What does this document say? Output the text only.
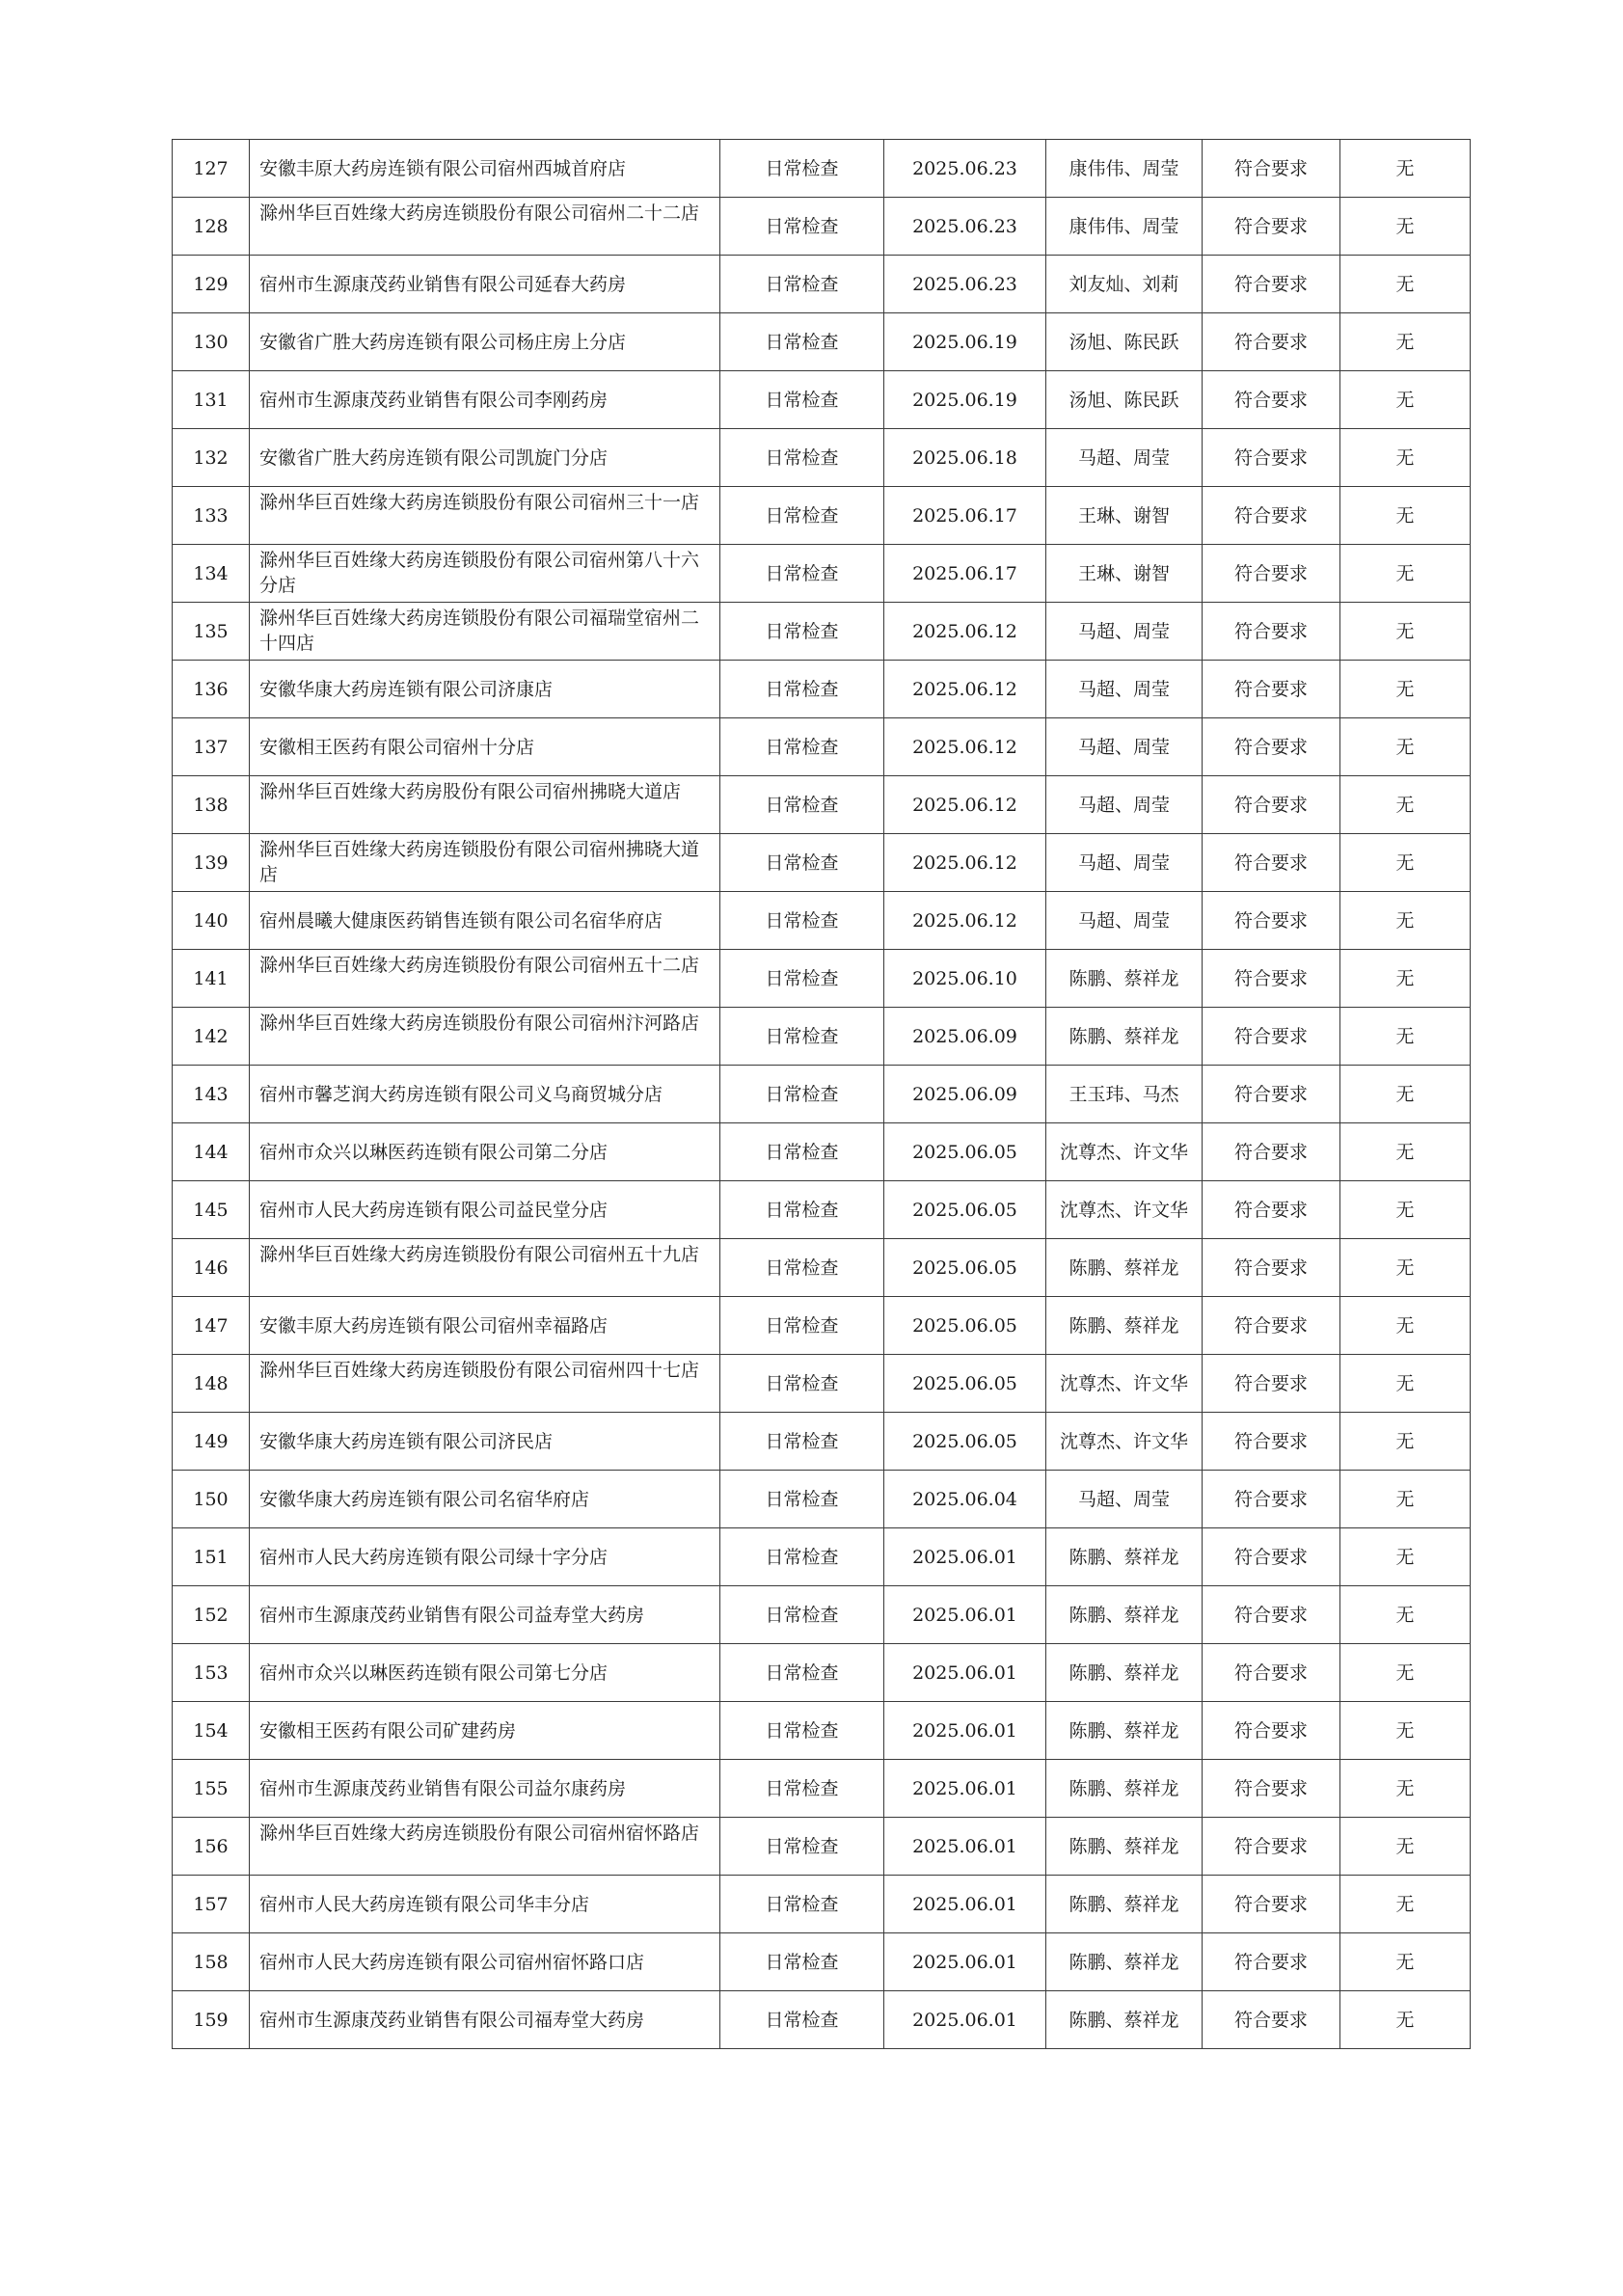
127	安徽丰原大药房连锁有限公司宿州西城首府店	日常检查	2025.06.23	康伟伟、周莹	符合要求	无
128	滁州华巨百姓缘大药房连锁股份有限公司宿州二十二店	日常检查	2025.06.23	康伟伟、周莹	符合要求	无
129	宿州市生源康茂药业销售有限公司延春大药房	日常检查	2025.06.23	刘友灿、刘莉	符合要求	无
130	安徽省广胜大药房连锁有限公司杨庄房上分店	日常检查	2025.06.19	汤旭、陈民跃	符合要求	无
131	宿州市生源康茂药业销售有限公司李刚药房	日常检查	2025.06.19	汤旭、陈民跃	符合要求	无
132	安徽省广胜大药房连锁有限公司凯旋门分店	日常检查	2025.06.18	马超、周莹	符合要求	无
133	滁州华巨百姓缘大药房连锁股份有限公司宿州三十一店	日常检查	2025.06.17	王琳、谢智	符合要求	无
134	滁州华巨百姓缘大药房连锁股份有限公司宿州第八十六分店	日常检查	2025.06.17	王琳、谢智	符合要求	无
135	滁州华巨百姓缘大药房连锁股份有限公司福瑞堂宿州二十四店	日常检查	2025.06.12	马超、周莹	符合要求	无
136	安徽华康大药房连锁有限公司济康店	日常检查	2025.06.12	马超、周莹	符合要求	无
137	安徽相王医药有限公司宿州十分店	日常检查	2025.06.12	马超、周莹	符合要求	无
138	滁州华巨百姓缘大药房股份有限公司宿州拂晓大道店	日常检查	2025.06.12	马超、周莹	符合要求	无
139	滁州华巨百姓缘大药房连锁股份有限公司宿州拂晓大道店	日常检查	2025.06.12	马超、周莹	符合要求	无
140	宿州晨曦大健康医药销售连锁有限公司名宿华府店	日常检查	2025.06.12	马超、周莹	符合要求	无
141	滁州华巨百姓缘大药房连锁股份有限公司宿州五十二店	日常检查	2025.06.10	陈鹏、蔡祥龙	符合要求	无
142	滁州华巨百姓缘大药房连锁股份有限公司宿州汴河路店	日常检查	2025.06.09	陈鹏、蔡祥龙	符合要求	无
143	宿州市馨芝润大药房连锁有限公司义乌商贸城分店	日常检查	2025.06.09	王玉玮、马杰	符合要求	无
144	宿州市众兴以琳医药连锁有限公司第二分店	日常检查	2025.06.05	沈尊杰、许文华	符合要求	无
145	宿州市人民大药房连锁有限公司益民堂分店	日常检查	2025.06.05	沈尊杰、许文华	符合要求	无
146	滁州华巨百姓缘大药房连锁股份有限公司宿州五十九店	日常检查	2025.06.05	陈鹏、蔡祥龙	符合要求	无
147	安徽丰原大药房连锁有限公司宿州幸福路店	日常检查	2025.06.05	陈鹏、蔡祥龙	符合要求	无
148	滁州华巨百姓缘大药房连锁股份有限公司宿州四十七店	日常检查	2025.06.05	沈尊杰、许文华	符合要求	无
149	安徽华康大药房连锁有限公司济民店	日常检查	2025.06.05	沈尊杰、许文华	符合要求	无
150	安徽华康大药房连锁有限公司名宿华府店	日常检查	2025.06.04	马超、周莹	符合要求	无
151	宿州市人民大药房连锁有限公司绿十字分店	日常检查	2025.06.01	陈鹏、蔡祥龙	符合要求	无
152	宿州市生源康茂药业销售有限公司益寿堂大药房	日常检查	2025.06.01	陈鹏、蔡祥龙	符合要求	无
153	宿州市众兴以琳医药连锁有限公司第七分店	日常检查	2025.06.01	陈鹏、蔡祥龙	符合要求	无
154	安徽相王医药有限公司矿建药房	日常检查	2025.06.01	陈鹏、蔡祥龙	符合要求	无
155	宿州市生源康茂药业销售有限公司益尔康药房	日常检查	2025.06.01	陈鹏、蔡祥龙	符合要求	无
156	滁州华巨百姓缘大药房连锁股份有限公司宿州宿怀路店	日常检查	2025.06.01	陈鹏、蔡祥龙	符合要求	无
157	宿州市人民大药房连锁有限公司华丰分店	日常检查	2025.06.01	陈鹏、蔡祥龙	符合要求	无
158	宿州市人民大药房连锁有限公司宿州宿怀路口店	日常检查	2025.06.01	陈鹏、蔡祥龙	符合要求	无
159	宿州市生源康茂药业销售有限公司福寿堂大药房	日常检查	2025.06.01	陈鹏、蔡祥龙	符合要求	无
